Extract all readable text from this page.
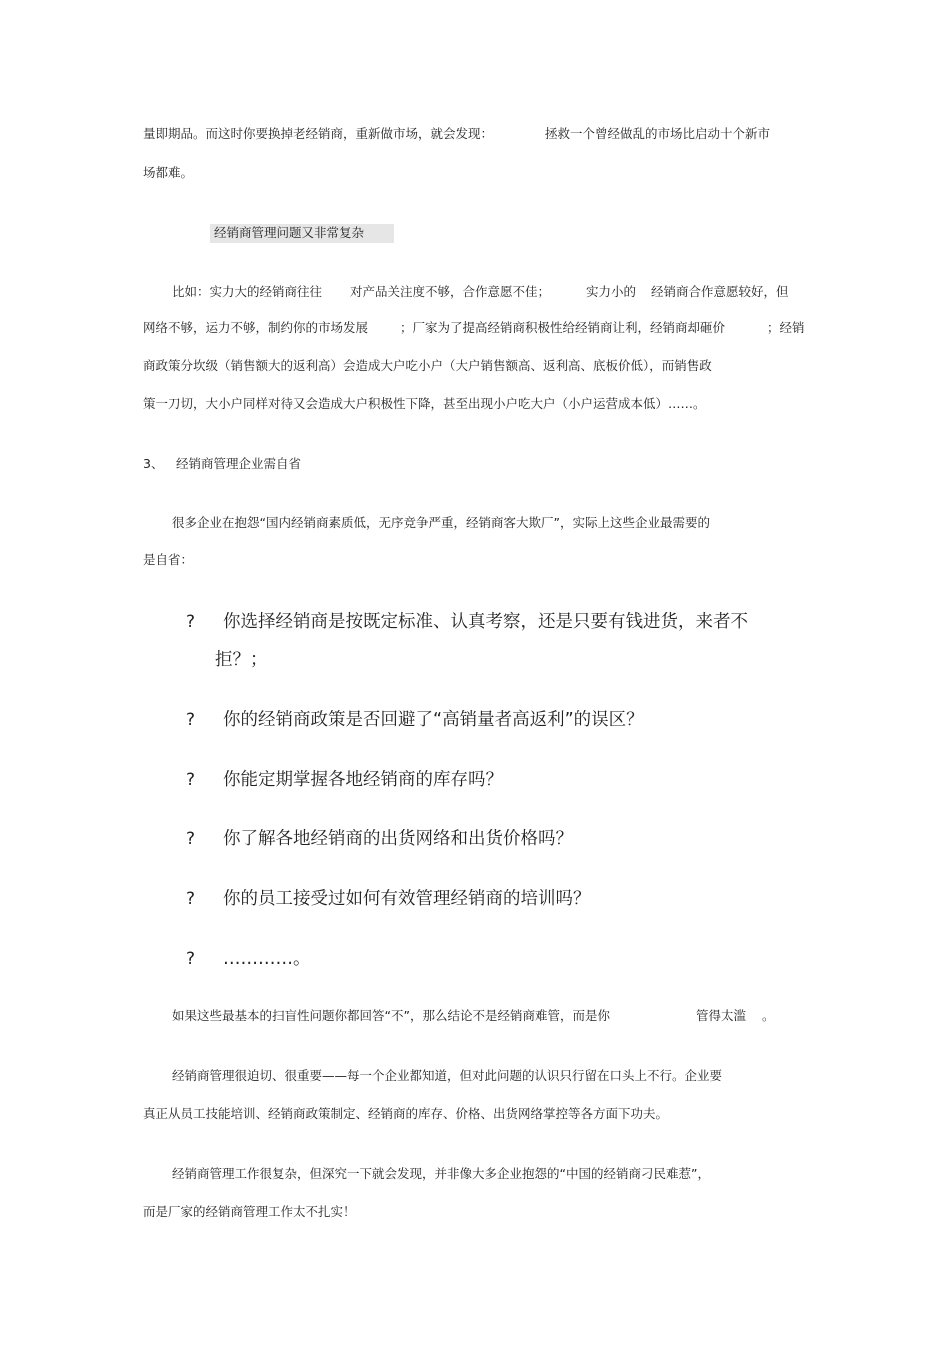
量即期品。而这时你要换掉老经销商，重新做市场，就会发现：	拯救一个曾经做乱的市场比启动十个新市
场都难。
经销商管理问题又非常复杂
比如：实力大的经销商往往 对产品关注度不够，合作意愿不佳；	实力小的 经销商合作意愿较好，但
网络不够，运力不够，制约你的市场发展	；厂家为了提高经销商积极性给经销商让利，经销商却砸价	；经销
商政策分坎级（销售额大的返利高）会造成大户吃小户（大户销售额高、返利高、底板价低），而销售政
策一刀切，大小户同样对待又会造成大户积极性下降，甚至出现小户吃大户（小户运营成本低）……。
3、 经销商管理企业需自省
很多企业在抱怨“国内经销商素质低，无序竞争严重，经销商客大欺厂”，实际上这些企业最需要的
是自省：
? 你选择经销商是按既定标准、认真考察，还是只要有钱进货，来者不
拒？；
? 你的经销商政策是否回避了“高销量者高返利”的误区？
? 你能定期掌握各地经销商的库存吗？
? 你了解各地经销商的出货网络和出货价格吗？
? 你的员工接受过如何有效管理经销商的培训吗？
? …………。
如果这些最基本的扫盲性问题你都回答“不”，那么结论不是经销商难管，而是你	管得太滥 。
经销商管理很迫切、很重要——每一个企业都知道，但对此问题的认识只行留在口头上不行。企业要
真正从员工技能培训、经销商政策制定、经销商的库存、价格、出货网络掌控等各方面下功夫。
经销商管理工作很复杂，但深究一下就会发现，并非像大多企业抱怨的“中国的经销商刁民难惹”，
而是厂家的经销商管理工作太不扎实！
